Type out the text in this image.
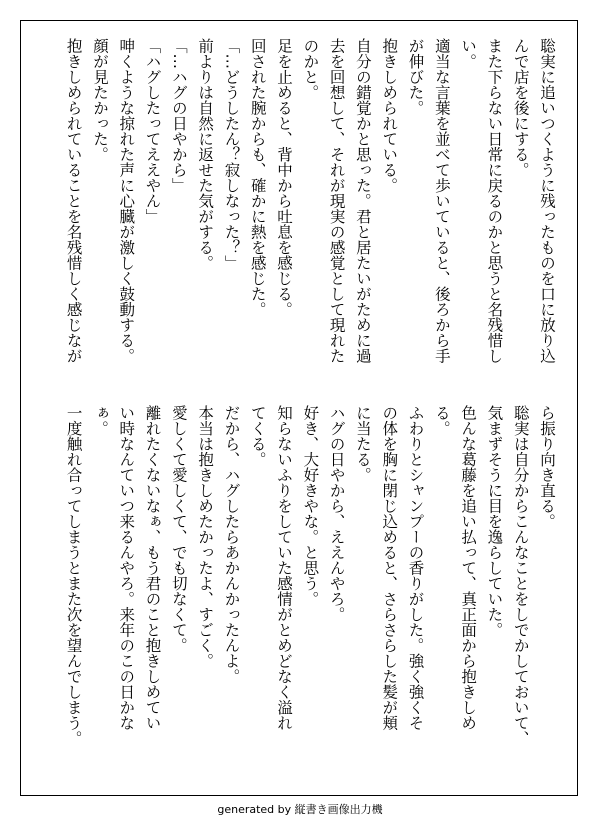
聡実に追いつくように残ったものを口に放り込
んで店を後にする。
また下らない日常に戻るのかと思うと名残惜し
い。
適当な言葉を並べて歩いていると、後ろから手
が伸びた。
抱きしめられている。
自分の錯覚かと思った。君と居たいがために過
去を回想して、それが現実の感覚として現れた
のかと。
足を止めると、背中から吐息を感じる。
回された腕からも、確かに熱を感じた。
「…どうしたん？寂しなった？」
前よりは自然に返せた気がする。
「…ハグの日やから」
「ハグしたってええやん」
呻くような掠れた声に心臓が激しく鼓動する。
顔が見たかった。
抱きしめられていることを名残惜しく感じなが
ら振り向き直る。
聡実は自分からこんなことをしでかしておいて、
気まずそうに目を逸らしていた。
色んな葛藤を追い払って、真正面から抱きしめ
る。
ふわりとシャンプーの香りがした。強く強くそ
の体を胸に閉じ込めると、さらさらした髪が頬
に当たる。
ハグの日やから、ええんやろ。
好き、大好きやな。と思う。
知らないふりをしていた感情がとめどなく溢れ
てくる。
だから、ハグしたらあかんかったんよ。
本当は抱きしめたかったよ、すごく。
愛しくて愛しくて、でも切なくて。
離れたくないなぁ、もう君のこと抱きしめてい
い時なんていつ来るんやろ。来年のこの日かな
ぁ。
一度触れ合ってしまうとまた次を望んでしまう。
generated by 縦書き画像出力機
